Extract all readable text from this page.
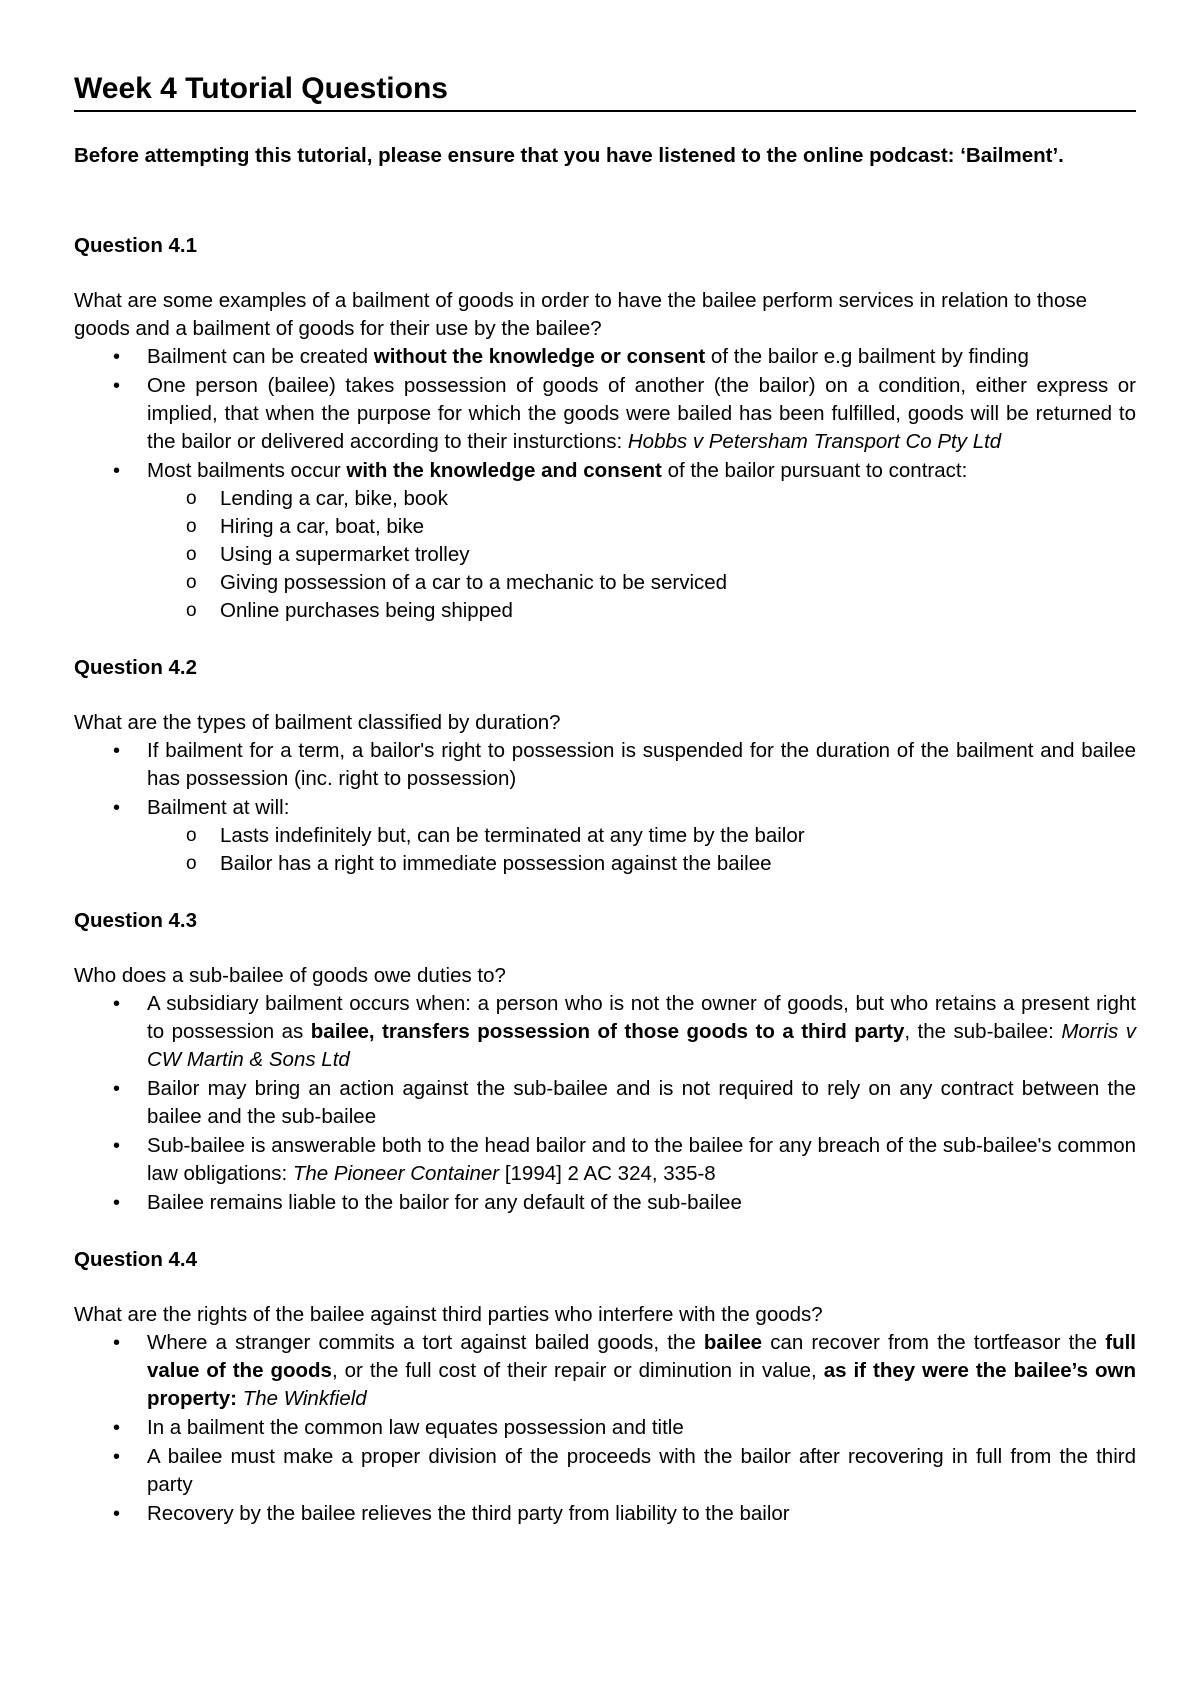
Week 4 Tutorial Questions

Before attempting this tutorial, please ensure that you have listened to the online podcast: ‘Bailment’.

Question 4.1

What are some examples of a bailment of goods in order to have the bailee perform services in relation to those goods and a bailment of goods for their use by the bailee?

• Bailment can be created without the knowledge or consent of the bailor e.g bailment by finding
• One person (bailee) takes possession of goods of another (the bailor) on a condition, either express or implied, that when the purpose for which the goods were bailed has been fulfilled, goods will be returned to the bailor or delivered according to their insturctions: Hobbs v Petersham Transport Co Pty Ltd
• Most bailments occur with the knowledge and consent of the bailor pursuant to contract:
o Lending a car, bike, book
o Hiring a car, boat, bike
o Using a supermarket trolley
o Giving possession of a car to a mechanic to be serviced
o Online purchases being shipped

Question 4.2

What are the types of bailment classified by duration?

• If bailment for a term, a bailor's right to possession is suspended for the duration of the bailment and bailee has possession (inc. right to possession)
• Bailment at will:
o Lasts indefinitely but, can be terminated at any time by the bailor
o Bailor has a right to immediate possession against the bailee

Question 4.3

Who does a sub-bailee of goods owe duties to?

• A subsidiary bailment occurs when: a person who is not the owner of goods, but who retains a present right to possession as bailee, transfers possession of those goods to a third party, the sub-bailee: Morris v CW Martin & Sons Ltd
• Bailor may bring an action against the sub-bailee and is not required to rely on any contract between the bailee and the sub-bailee
• Sub-bailee is answerable both to the head bailor and to the bailee for any breach of the sub-bailee's common law obligations: The Pioneer Container [1994] 2 AC 324, 335-8
• Bailee remains liable to the bailor for any default of the sub-bailee

Question 4.4

What are the rights of the bailee against third parties who interfere with the goods?

• Where a stranger commits a tort against bailed goods, the bailee can recover from the tortfeasor the full value of the goods, or the full cost of their repair or diminution in value, as if they were the bailee’s own property: The Winkfield
• In a bailment the common law equates possession and title
• A bailee must make a proper division of the proceeds with the bailor after recovering in full from the third party
• Recovery by the bailee relieves the third party from liability to the bailor
